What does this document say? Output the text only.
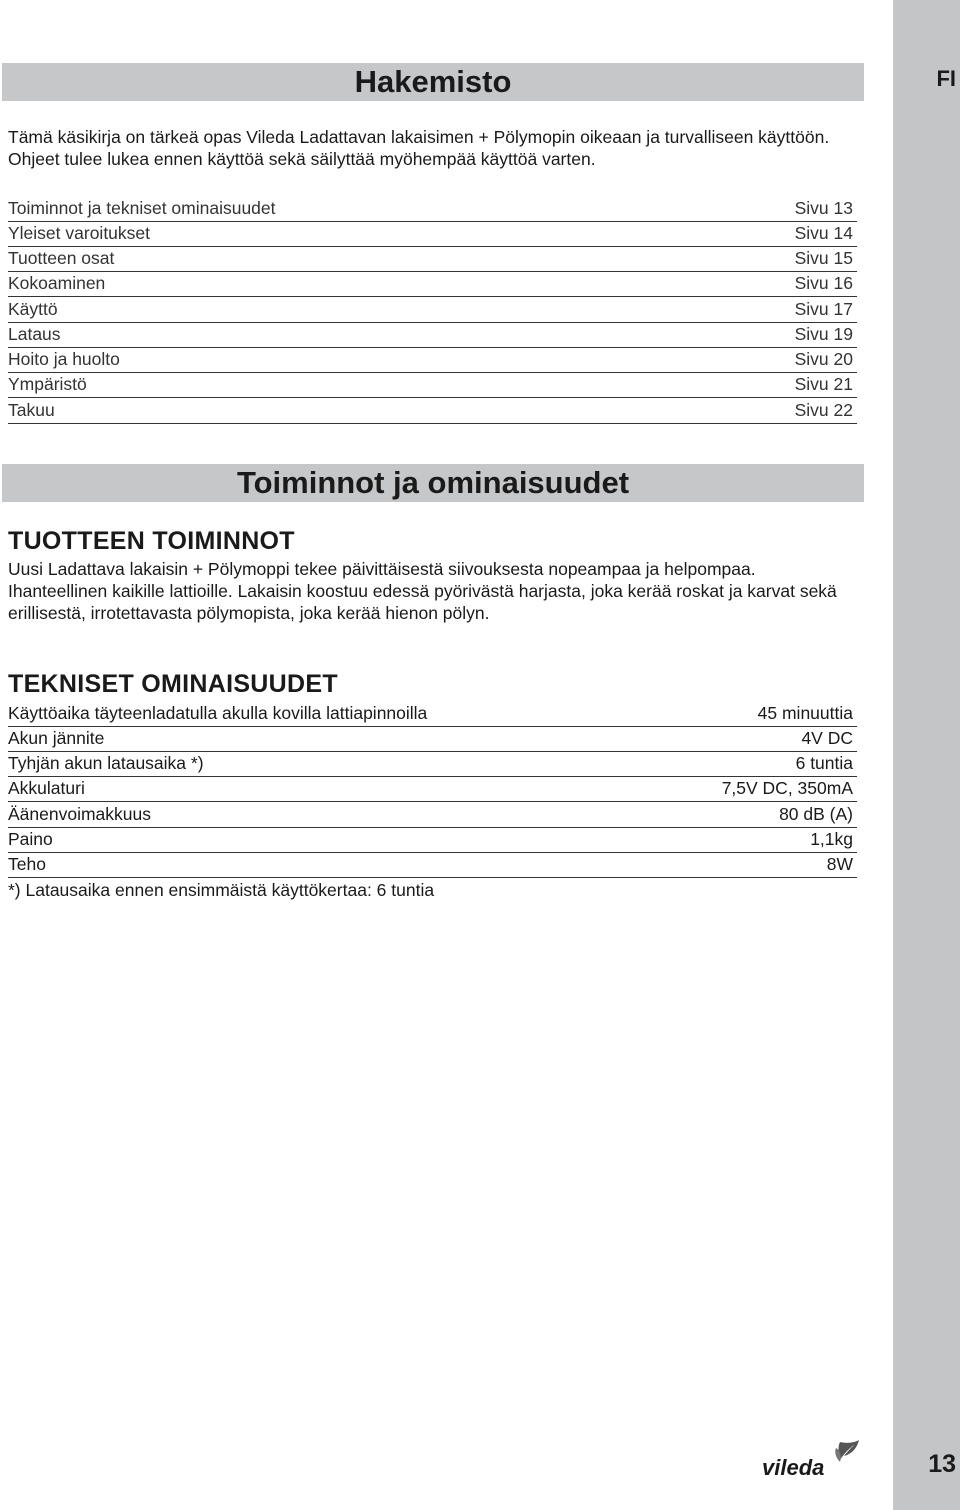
FI
Hakemisto

Tämä käsikirja on tärkeä opas Vileda Ladattavan lakaisimen + Pölymopin oikeaan ja turvalliseen käyttöön.

Ohjeet tulee lukea ennen käyttöä sekä säilyttää myöhempää käyttöä varten.

Toiminnot ja tekniset ominaisuudet	Sivu 13
Yleiset varoitukset	Sivu 14
Tuotteen osat	Sivu 15
Kokoaminen	Sivu 16
Käyttö	Sivu 17
Lataus	Sivu 19
Hoito ja huolto	Sivu 20
Ympäristö	Sivu 21
Takuu	Sivu 22
Toiminnot ja ominaisuudet
TUOTTEEN TOIMINNOT

Uusi Ladattava lakaisin + Pölymoppi tekee päivittäisestä siivouksesta nopeampaa ja helpompaa. Ihanteellinen kaikille lattioille. Lakaisin koostuu edessä pyörivästä harjasta, joka kerää roskat ja karvat sekä erillisestä, irrotettavasta pölymopista, joka kerää hienon pölyn.

TEKNISET OMINAISUUDET
Käyttöaika täyteenladatulla akulla kovilla lattiapinnoilla	45 minuuttia
Akun jännite	4V DC
Tyhjän akun latausaika *)	6 tuntia
Akkulaturi	7,5V DC, 350mA
Äänenvoimakkuus	80 dB (A)
Paino	1,1kg
Teho	8W
*) Latausaika ennen ensimmäistä käyttökertaa: 6 tuntia
vileda	13
